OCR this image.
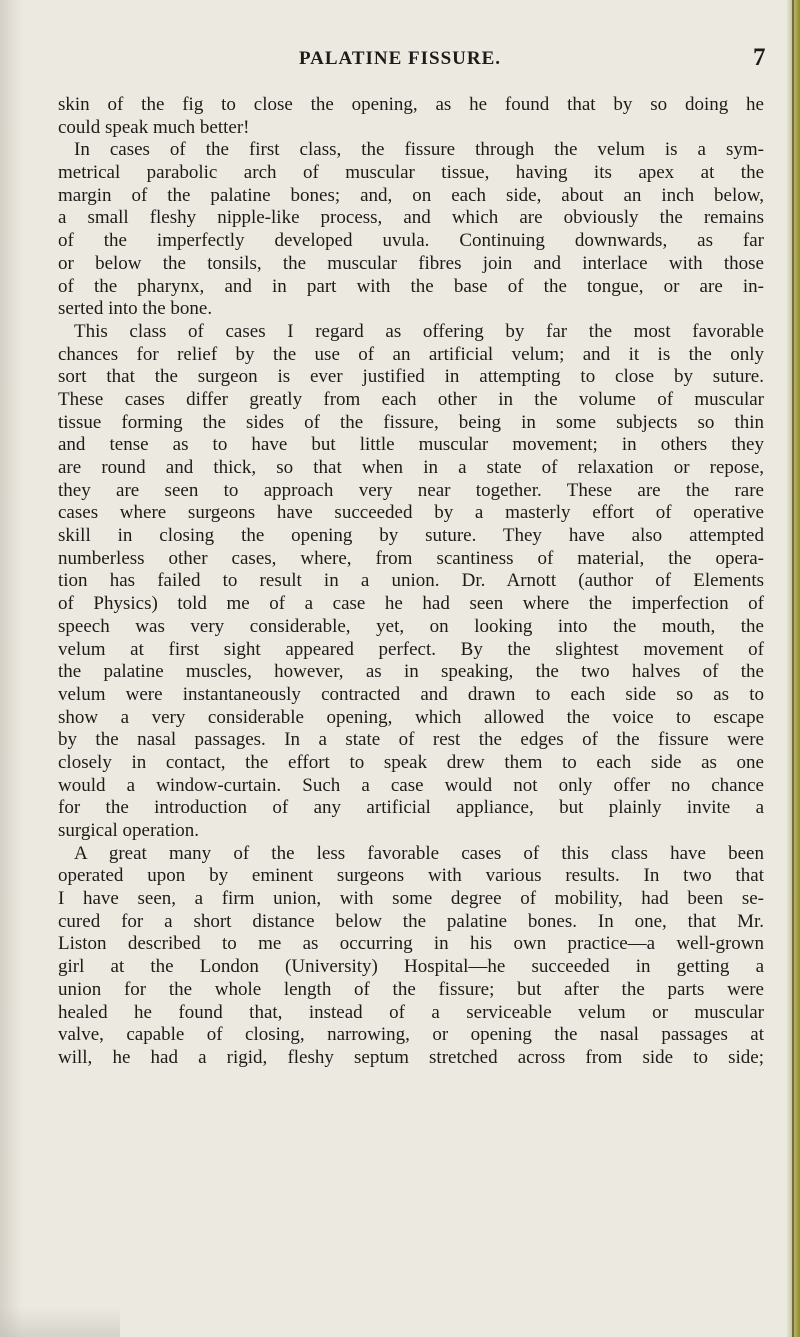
PALATINE FISSURE.	7
skin of the fig to close the opening, as he found that by so doing he
could speak much better!
In cases of the first class, the fissure through the velum is a sym-
metrical parabolic arch of muscular tissue, having its apex at the
margin of the palatine bones; and, on each side, about an inch below,
a small fleshy nipple-like process, and which are obviously the remains
of the imperfectly developed uvula. Continuing downwards, as far
or below the tonsils, the muscular fibres join and interlace with those
of the pharynx, and in part with the base of the tongue, or are in-
serted into the bone.
This class of cases I regard as offering by far the most favorable
chances for relief by the use of an artificial velum; and it is the only
sort that the surgeon is ever justified in attempting to close by suture.
These cases differ greatly from each other in the volume of muscular
tissue forming the sides of the fissure, being in some subjects so thin
and tense as to have but little muscular movement; in others they
are round and thick, so that when in a state of relaxation or repose,
they are seen to approach very near together. These are the rare
cases where surgeons have succeeded by a masterly effort of operative
skill in closing the opening by suture. They have also attempted
numberless other cases, where, from scantiness of material, the opera-
tion has failed to result in a union. Dr. Arnott (author of Elements
of Physics) told me of a case he had seen where the imperfection of
speech was very considerable, yet, on looking into the mouth, the
velum at first sight appeared perfect. By the slightest movement of
the palatine muscles, however, as in speaking, the two halves of the
velum were instantaneously contracted and drawn to each side so as to
show a very considerable opening, which allowed the voice to escape
by the nasal passages. In a state of rest the edges of the fissure were
closely in contact, the effort to speak drew them to each side as one
would a window-curtain. Such a case would not only offer no chance
for the introduction of any artificial appliance, but plainly invite a
surgical operation.
A great many of the less favorable cases of this class have been
operated upon by eminent surgeons with various results. In two that
I have seen, a firm union, with some degree of mobility, had been se-
cured for a short distance below the palatine bones. In one, that Mr.
Liston described to me as occurring in his own practice—a well-grown
girl at the London (University) Hospital—he succeeded in getting a
union for the whole length of the fissure; but after the parts were
healed he found that, instead of a serviceable velum or muscular
valve, capable of closing, narrowing, or opening the nasal passages at
will, he had a rigid, fleshy septum stretched across from side to side;
